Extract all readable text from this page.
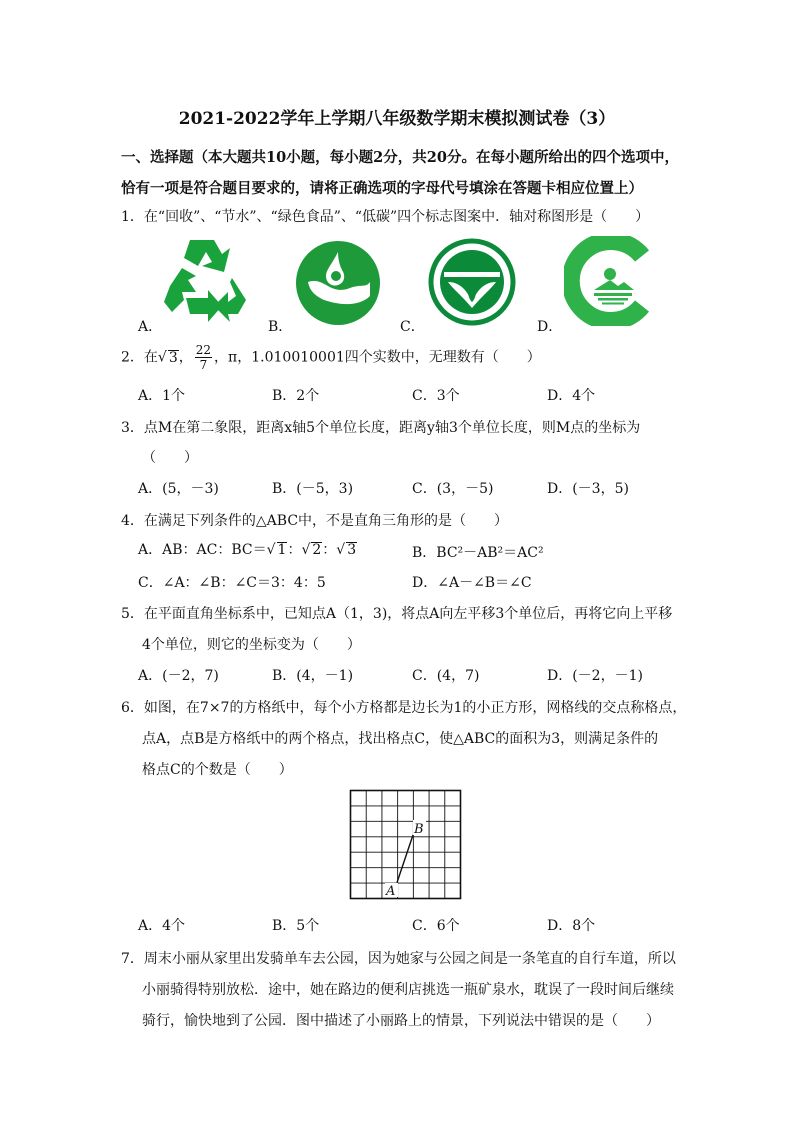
2021-2022学年上学期八年级数学期末模拟测试卷（3）
一、选择题（本大题共10小题，每小题2分，共20分。在每小题所给出的四个选项中，
恰有一项是符合题目要求的，请将正确选项的字母代号填涂在答题卡相应位置上）
1．在“回收”、“节水”、“绿色食品”、“低碳”四个标志图案中．轴对称图形是（　　）
A．	B．	C．	D．
2．在√ 3， $\frac{22}{7}$ ，π，1.010010001四个实数中，无理数有（　　）
A．1个	B．2个	C．3个	D．4个
3．点M在第二象限，距离x轴5个单位长度，距离y轴3个单位长度，则M点的坐标为
（　　）
A．(5，－3)	B．(－5，3)	C．(3，－5)	D．(－3，5)
4．在满足下列条件的△ABC中，不是直角三角形的是（　　）
A．AB：AC：BC＝√ 1：√ 2：√ 3	B．BC²－AB²＝AC²
C．∠A：∠B：∠C＝3：4：5	D．∠A－∠B＝∠C
5．在平面直角坐标系中，已知点A（1，3)，将点A向左平移3个单位后，再将它向上平移
4个单位，则它的坐标变为（　　）
A．(－2，7)	B．(4，－1)	C．(4，7)	D．(－2，－1)
6．如图，在7×7的方格纸中，每个小方格都是边长为1的小正方形，网格线的交点称格点，
点A，点B是方格纸中的两个格点，找出格点C，使△ABC的面积为3，则满足条件的
格点C的个数是（　　）
A
B
A．4个	B．5个	C．6个	D．8个
7．周末小丽从家里出发骑单车去公园，因为她家与公园之间是一条笔直的自行车道，所以
小丽骑得特别放松．途中，她在路边的便利店挑选一瓶矿泉水，耽误了一段时间后继续
骑行，愉快地到了公园．图中描述了小丽路上的情景，下列说法中错误的是（　　）
